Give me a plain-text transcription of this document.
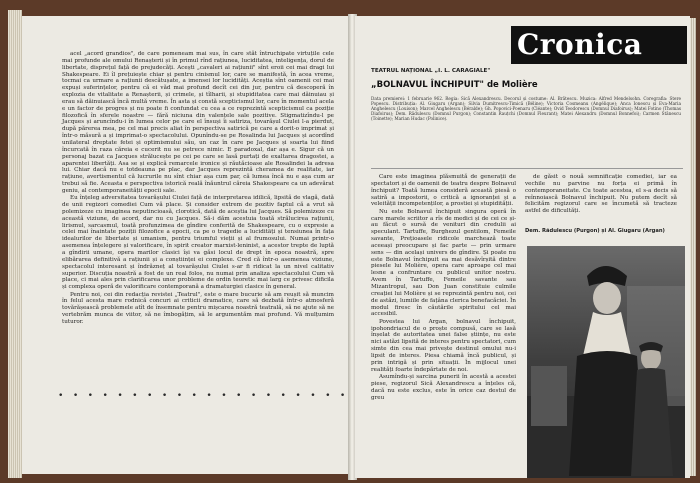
acel „acord grandios", de care pomeneam mai sus, în care stăt întruchipate virtuțile cele mai profunde ale omului Renașterii și în primul rînd rațiunea, luciditatea, inteligența, dorul de libertate, disprețul față de prejudecăți. Acești „cavaleri ai rațiunii" sînt eroii cei mai dragi lui Shakespeare. Ei îl prețuiește chiar și pentru cinismul lor, care se manifestă, în acea vreme, tocmai ca urmare a rațiunii descătușate, a imensei lor lucidități. Aceștia sînt oamenii cei mai expuși suferințelor, pentru că ei văd mai profund decît cei din jur, pentru că descoperă în explozia de vitalitate a Renașterii, și crimele, și tîlharii, și stupiditatea care mai dăinuiau și erau să dăinuiască încă multă vreme. În asta și constă scepticismul lor, care în momentul acela e un factor de progres și nu poate fi confundat cu cea a ce reprezintă scepticismul ca poziție filozofică în sferele noastre — fără niciuna din valențele sale pozitive. Stigmatizîndu-l pe Jacques și aruncîndu-i în lumea celor pe care el însuși îi satiriza, tovarășul Ciulei l-a pierdut, după părerea mea, pe cel mai precis aliat în perspectiva satirică pe care a dorit-o imprimat și într-o măsură a și imprimat-o spectacolului. Opunîndu-se pe Rosalinda lui Jacques și acordînd unilateral dreptate fetei și optimismului său, un caz în care pe Jacques și soarta lui fiind încurcată în raza căreia e cucerit nu se petrece nimic. E paradoxal, dar așa e. Sigur că un personaj bazat ca Jacques strălucește pe cei pe care se lasă purtați de exaltarea dragostei, a aparentei libertăți. Asa se și explică remarcele ironice și răutăcioase ale Rosalindei la adresa lui. Chiar dacă nu e totdeauna pe plac, dar Jacques reprezintă cheramea de realitate, iar rațiune, avertismentul că lucrurile nu sînt chiar așa cum par, că lumea încă nu e așa cum ar trebui să fie. Aceasta e perspectiva istorică reală înăuntrul căreia Shakespeare ca un adevărat geniu, al contemporaneității epocii sale.

Eu înțeleg adversitatea tovarășului Ciulei față de interpretarea idilică, lipsită de vlagă, dată de unii regizori comediei Cum vă place. Și consider extrem de pozitiv faptul că a vrut să polemizeze cu imaginea neputincioasă, clorotică, dată de aceștia lui Jacques. Să polemizeze cu această viziune, de acord, dar nu cu Jacques. Să-i dăm acestuia toată strălucirea rațiunii, lirismul, sarcasmul, toată profunzimea de gîndire conferită de Shakespeare, cu o expresie a celei mai înaintate poziții filozofice a epocii, ca pe o tragedie a luciditäți și tensiunea în fața idealurilor de libertate și umanism, pentru triumful vieții și al frumosului. Numai printr-o asemenea înțelegere și valorificare, în spirit creator marxist-leninist, a acestor trepte de luptă a gîndirii umane, opera marilor clasici își va găsi locul de drept în epoca noastră, spre elibărarea definitivă a rațiunii și a conștiinței ei complexe. Cred că într-o asemenea viziune, spectacolul interesant și îndrăzneț al tovarășului Ciulei s-ar fi ridicat la un nivel calitativ superior. Discuția noastră a fost de un real folos, nu numai prin analiza spectacolului Cum vă place, ci mai ales prin clarificarea unor probleme de ordin teoretic mai larg ce privesc dificila și complexa operă de valorificare contemporană a dramaturgiei clasice în general.

Pentru noi, cei din redacția revistei „Teatrul", este o mare bucurie să am reușit să muncim în felul acesta mare rodnică concuri ai criticii dramatice, care să dezbată într-o atmosferă tovărășească problemele atît de însemnate pentru mișcarea noastră teatrală, să ne ajute să ne vertebrăm munca de viitor, să ne îmbogățim, să le argumentăm mai profund. Vă mulțumim tuturor.

• • • • • • • • • • • • • • • • • • • •
Cronica
TEATRUL NAȚIONAL „I. L. CARAGIALE"
„BOLNAVUL ÎNCHIPUIT" de Molière
Data premierei: 1 februarie 962. Regia: Sică Alexandrescu. Decorul și costume: Al. Brătescu. Muzica: Alfred Mendelsohn. Coregrafia: Stere Popescu. Distribuția: Al. Giugaru (Argan); Silvia Dumitrescu-Timică (Béline); Victoria Cosmeanu (Angélique); Anca Ionescu și Eva-Maria Anghelescu (Louison); Marcel Anghelescu (Béralde); Gh. Popovici-Poenaru (Cléante); Ovid Teodorescu (Domnul Diafoirus); Matei Fotino (Thomas Diafoirus); Dem. Rădulescu (Domnul Purgon); Constantin Rauțchi (Domnul Fleurant); Matei Alexandru (Domnul Bonnefoi); Carmen Stănescu (Toinette); Marian Hudac (Polinice).

Care este imaginea plăsmuită de generații de spectatori și de oamenii de teatru despre Bolnavul închipuit? Toată lumea consideră această piesă o satiră a impostorii, o critică a ignoranței și a veleității incompetenților, a prostiei și stupidității.

Nu este Bolnavul închipuit singura operă în care marele scriitor a rîs de medici și de cei ce și-au făcut o sursă de venituri din credulii ai speculant. Tartuffe, Burghezul gentilom, Femeile savante, Prețioasele ridicole marchează toate aceeași preocupare și fac parte — prin urmare sens — din același univers de gîndire. Și poate nu este Bolnavul închipuit ea mai desăvîrșită dintre piesele lui Molière, opera care aproape cel mai lesne a confruntare cu publicul unitor nostru. Avem în Tartuffe, Femeile savante sau Mizantropul, sau Don Juan constituie culmile creației lui Molière și se reprezintă pentru noi, cei de astăzi, lumiile de fațâna clerica benefacăciei. În modul firesc în căutările spiritului cel mai accesibil.

Povestea lui Argan, bolnavul închipuit, ipohondriacul de o proște compusă, care se lasă înșelat de autoritatea unei false științe, nu este nici astăzi lipsită de interes pentru spectatori, cum simte din cea mai privește destinul omului nu-i lipsit de interes. Piesa chiamă încă publicul, și prin intrigă și prin situații. În mijlocul unei realități foarte îndepărtate de noi.

Asumîndu-și sarcina punerii în acestă a acestei piese, regizorul Sică Alexandrescu a înțeles că, dacă nu este exclus, este în orice caz destul de greu

de găsit o nouă semnificație comediei, iar ea vechile nu parvine nu forța ei primă în contemporaneitate. Cu toate acestea, el s-a decis să reînnoiască Bolnavul închipuit. Nu putem decît să felicităm regizorul care se încumetă să tracteze astfel de dificultăți.

Dem. Rădulescu (Purgon) și Al. Giugaru (Argan)
